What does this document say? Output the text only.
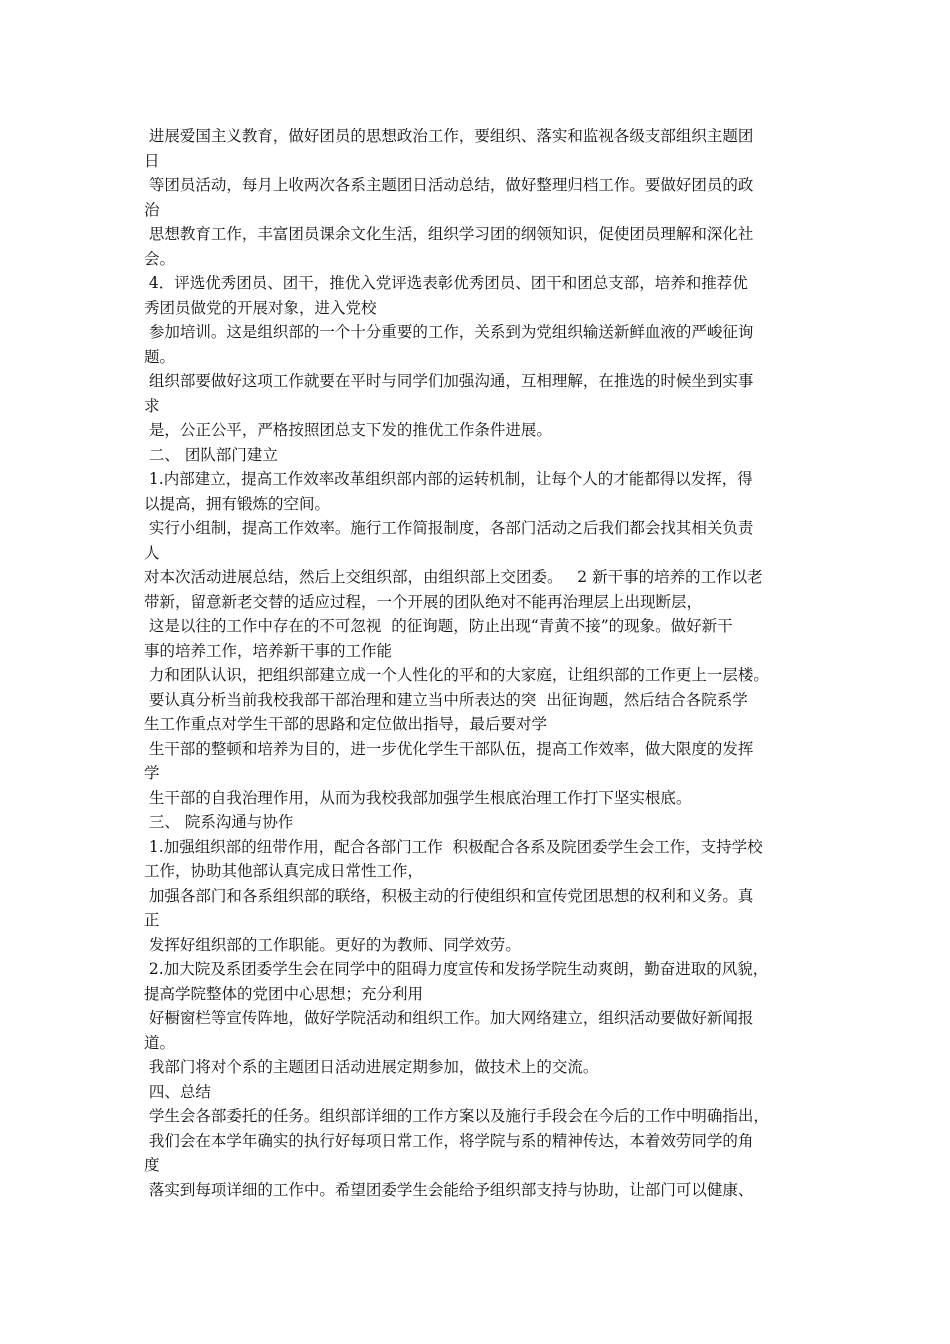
进展爱国主义教育，做好团员的思想政治工作，要组织、落实和监视各级支部组织主题团
日
等团员活动，每月上收两次各系主题团日活动总结，做好整理归档工作。要做好团员的政
治
思想教育工作，丰富团员课余文化生活，组织学习团的纲领知识，促使团员理解和深化社
会。
4．评选优秀团员、团干，推优入党评选表彰优秀团员、团干和团总支部，培养和推荐优
秀团员做党的开展对象，进入党校
参加培训。这是组织部的一个十分重要的工作，关系到为党组织输送新鲜血液的严峻征询
题。
组织部要做好这项工作就要在平时与同学们加强沟通，互相理解，在推选的时候坐到实事
求
是，公正公平，严格按照团总支下发的推优工作条件进展。
二、 团队部门建立
1.内部建立，提高工作效率改革组织部内部的运转机制，让每个人的才能都得以发挥，得
以提高，拥有锻炼的空间。
实行小组制，提高工作效率。施行工作简报制度，各部门活动之后我们都会找其相关负责
人
对本次活动进展总结，然后上交组织部，由组织部上交团委。   2 新干事的培养的工作以老
带新，留意新老交替的适应过程，一个开展的团队绝对不能再治理层上出现断层，
这是以往的工作中存在的不可忽视  的征询题，防止出现“青黄不接”的现象。做好新干
事的培养工作，培养新干事的工作能
力和团队认识，把组织部建立成一个人性化的平和的大家庭，让组织部的工作更上一层楼。
要认真分析当前我校我部干部治理和建立当中所表达的突  出征询题，然后结合各院系学
生工作重点对学生干部的思路和定位做出指导，最后要对学
生干部的整顿和培养为目的，进一步优化学生干部队伍，提高工作效率，做大限度的发挥
学
生干部的自我治理作用，从而为我校我部加强学生根底治理工作打下坚实根底。
三、 院系沟通与协作
1.加强组织部的纽带作用，配合各部门工作  积极配合各系及院团委学生会工作，支持学校
工作，协助其他部认真完成日常性工作，
加强各部门和各系组织部的联络，积极主动的行使组织和宣传党团思想的权利和义务。真
正
发挥好组织部的工作职能。更好的为教师、同学效劳。
2.加大院及系团委学生会在同学中的阻碍力度宣传和发扬学院生动爽朗，勤奋进取的风貌，
提高学院整体的党团中心思想；充分利用
好橱窗栏等宣传阵地，做好学院活动和组织工作。加大网络建立，组织活动要做好新闻报
道。
我部门将对个系的主题团日活动进展定期参加，做技术上的交流。
四、总结
学生会各部委托的任务。组织部详细的工作方案以及施行手段会在今后的工作中明确指出，
我们会在本学年确实的执行好每项日常工作，将学院与系的精神传达，本着效劳同学的角
度
落实到每项详细的工作中。希望团委学生会能给予组织部支持与协助，让部门可以健康、
